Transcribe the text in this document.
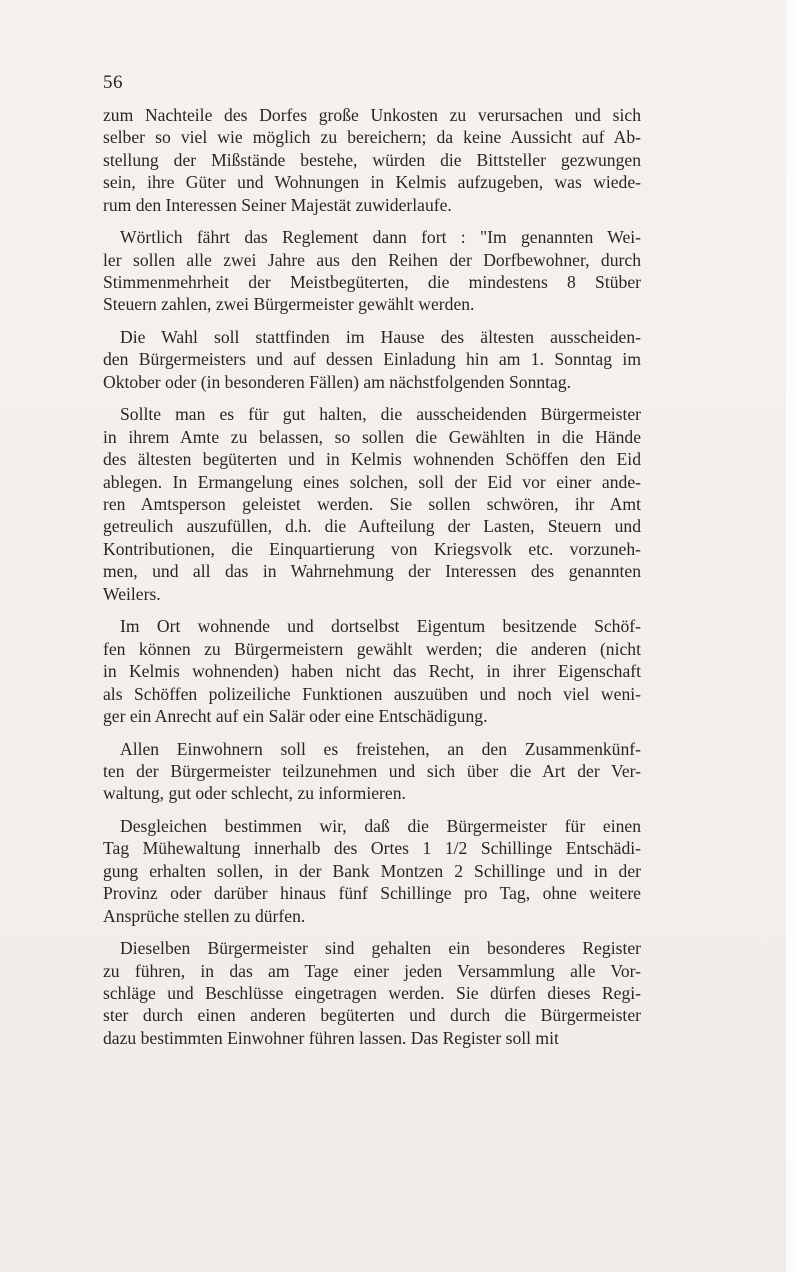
56

zum Nachteile des Dorfes große Unkosten zu verursachen und sich
selber so viel wie möglich zu bereichern; da keine Aussicht auf Ab-
stellung der Mißstände bestehe, würden die Bittsteller gezwungen
sein, ihre Güter und Wohnungen in Kelmis aufzugeben, was wiede-
rum den Interessen Seiner Majestät zuwiderlaufe.

Wörtlich fährt das Reglement dann fort : "Im genannten Wei-
ler sollen alle zwei Jahre aus den Reihen der Dorfbewohner, durch
Stimmenmehrheit der Meistbegüterten, die mindestens 8 Stüber
Steuern zahlen, zwei Bürgermeister gewählt werden.

Die Wahl soll stattfinden im Hause des ältesten ausscheiden-
den Bürgermeisters und auf dessen Einladung hin am 1. Sonntag im
Oktober oder (in besonderen Fällen) am nächstfolgenden Sonntag.

Sollte man es für gut halten, die ausscheidenden Bürgermeister
in ihrem Amte zu belassen, so sollen die Gewählten in die Hände
des ältesten begüterten und in Kelmis wohnenden Schöffen den Eid
ablegen. In Ermangelung eines solchen, soll der Eid vor einer ande-
ren Amtsperson geleistet werden. Sie sollen schwören, ihr Amt
getreulich auszufüllen, d.h. die Aufteilung der Lasten, Steuern und
Kontributionen, die Einquartierung von Kriegsvolk etc. vorzuneh-
men, und all das in Wahrnehmung der Interessen des genannten
Weilers.

Im Ort wohnende und dortselbst Eigentum besitzende Schöf-
fen können zu Bürgermeistern gewählt werden; die anderen (nicht
in Kelmis wohnenden) haben nicht das Recht, in ihrer Eigenschaft
als Schöffen polizeiliche Funktionen auszuüben und noch viel weni-
ger ein Anrecht auf ein Salär oder eine Entschädigung.

Allen Einwohnern soll es freistehen, an den Zusammenkünf-
ten der Bürgermeister teilzunehmen und sich über die Art der Ver-
waltung, gut oder schlecht, zu informieren.

Desgleichen bestimmen wir, daß die Bürgermeister für einen
Tag Mühewaltung innerhalb des Ortes 1 1/2 Schillinge Entschädi-
gung erhalten sollen, in der Bank Montzen 2 Schillinge und in der
Provinz oder darüber hinaus fünf Schillinge pro Tag, ohne weitere
Ansprüche stellen zu dürfen.

Dieselben Bürgermeister sind gehalten ein besonderes Register
zu führen, in das am Tage einer jeden Versammlung alle Vor-
schläge und Beschlüsse eingetragen werden. Sie dürfen dieses Regi-
ster durch einen anderen begüterten und durch die Bürgermeister
dazu bestimmten Einwohner führen lassen. Das Register soll mit
